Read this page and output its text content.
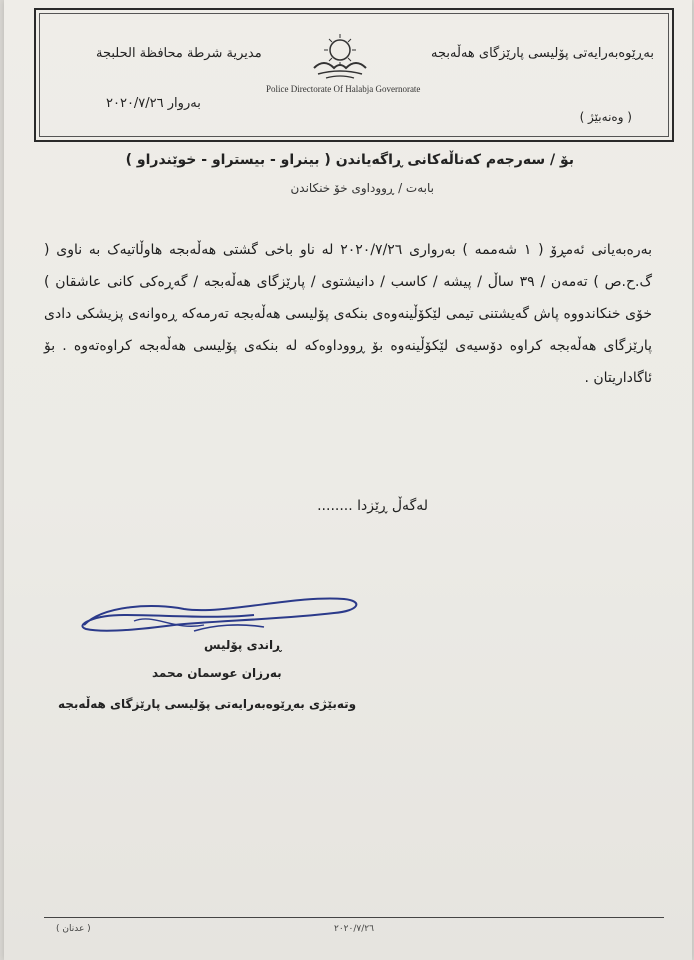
بەڕێوەبەرایەتی پۆلیسی پارێزگای هەڵەبجە
( وەنەبێژ )
مديرية شرطة محافظة الحلبجة
بەروار ٢٠٢٠/٧/٢٦
Police Directorate Of Halabja Governorate
بۆ / سەرجەم کەناڵەکانی ڕاگەیاندن ( بینراو - بیستراو - خوێندراو )
بابەت / ڕووداوی خۆ خنکاندن
بەرەبەیانی ئەمڕۆ ( ١ شەممە ) بەرواری ٢٠٢٠/٧/٢٦ لە ناو باخی گشتی هەڵەبجە هاوڵاتیەک بە ناوی ( گ.ح.ص ) تەمەن / ٣٩ ساڵ / پیشە / کاسب / دانیشتوی / پارێزگای هەڵەبجە / گەڕەکی کانی عاشقان ) خۆی خنکاندووە پاش گەیشتنی تیمی لێکۆڵینەوەی بنکەی پۆلیسی هەڵەبجە تەرمەکە ڕەوانەی پزیشکی دادی پارێزگای هەڵەبجە کراوە دۆسیەی لێکۆڵینەوە بۆ ڕووداوەکە لە بنکەی پۆلیسی هەڵەبجە کراوەتەوە . بۆ ئاگاداریتان .
لەگەڵ ڕێزدا ........
ڕاندی پۆلیس
بەرزان عوسمان محمد
وتەبێژی بەڕێوەبەرایەتی پۆلیسی پارێزگای هەڵەبجە
( عدنان )	٢٠٢٠/٧/٢٦
